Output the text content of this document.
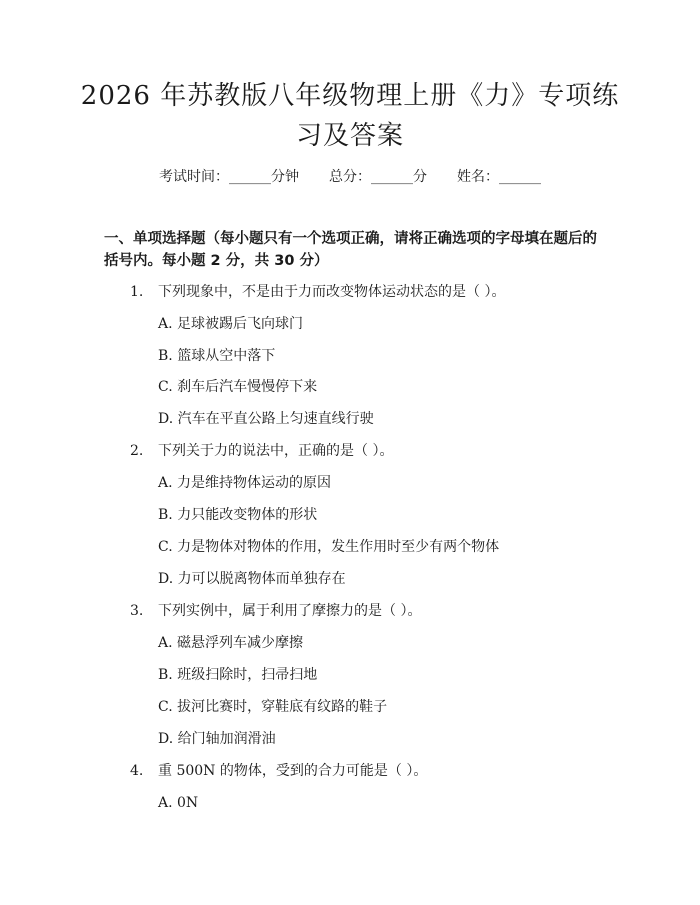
2026 年苏教版八年级物理上册《力》专项练
习及答案
考试时间：______分钟 总分：______分 姓名：______
一、单项选择题（每小题只有一个选项正确，请将正确选项的字母填在题后的括号内。每小题 2 分，共 30 分）
1. 下列现象中，不是由于力而改变物体运动状态的是（ ）。
A. 足球被踢后飞向球门
B. 篮球从空中落下
C. 刹车后汽车慢慢停下来
D. 汽车在平直公路上匀速直线行驶
2. 下列关于力的说法中，正确的是（ ）。
A. 力是维持物体运动的原因
B. 力只能改变物体的形状
C. 力是物体对物体的作用，发生作用时至少有两个物体
D. 力可以脱离物体而单独存在
3. 下列实例中，属于利用了摩擦力的是（ ）。
A. 磁悬浮列车减少摩擦
B. 班级扫除时，扫帚扫地
C. 拔河比赛时，穿鞋底有纹路的鞋子
D. 给门轴加润滑油
4. 重 500N 的物体，受到的合力可能是（ ）。
A. 0N
